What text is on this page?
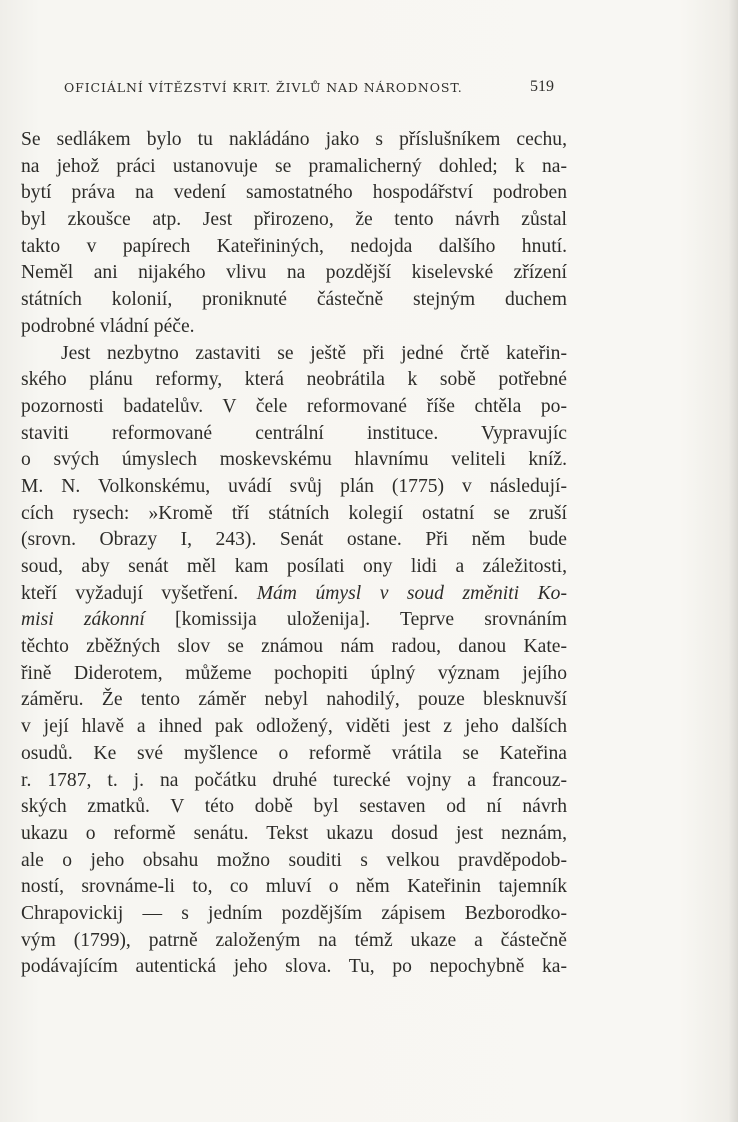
OFICIÁLNÍ VÍTĚZSTVÍ KRIT. ŽIVLŮ NAD NÁRODNOST.	519
Se sedlákem bylo tu nakládáno jako s příslušníkem cechu,
na jehož práci ustanovuje se pramalicherný dohled; k na-
bytí práva na vedení samostatného hospodářství podroben
byl zkoušce atp. Jest přirozeno, že tento návrh zůstal
takto v papírech Kateřininých, nedojda dalšího hnutí.
Neměl ani nijakého vlivu na pozdější kiselevské zřízení
státních kolonií, proniknuté částečně stejným duchem
podrobné vládní péče.
Jest nezbytno zastaviti se ještě při jedné črtě kateřin-
ského plánu reformy, která neobrátila k sobě potřebné
pozornosti badatelův. V čele reformované říše chtěla po-
staviti reformované centrální instituce. Vypravujíc
o svých úmyslech moskevskému hlavnímu veliteli kníž.
M. N. Volkonskému, uvádí svůj plán (1775) v následují-
cích rysech: »Kromě tří státních kolegií ostatní se zruší
(srovn. Obrazy I, 243). Senát ostane. Při něm bude
soud, aby senát měl kam posílati ony lidi a záležitosti,
kteří vyžadují vyšetření. Mám úmysl v soud změniti Ko-
misi zákonní [komissija uloženija]. Teprve srovnáním
těchto zběžných slov se známou nám radou, danou Kate-
řině Diderotem, můžeme pochopiti úplný význam jejího
záměru. Že tento záměr nebyl nahodilý, pouze blesknuvší
v její hlavě a ihned pak odložený, viděti jest z jeho dalších
osudů. Ke své myšlence o reformě vrátila se Kateřina
r. 1787, t. j. na počátku druhé turecké vojny a francouz-
ských zmatků. V této době byl sestaven od ní návrh
ukazu o reformě senátu. Tekst ukazu dosud jest neznám,
ale o jeho obsahu možno souditi s velkou pravděpodob-
ností, srovnáme-li to, co mluví o něm Kateřinin tajemník
Chrapovickij — s jedním pozdějším zápisem Bezborodko-
vým (1799), patrně založeným na témž ukaze a částečně
podávajícím autentická jeho slova. Tu, po nepochybně ka-
